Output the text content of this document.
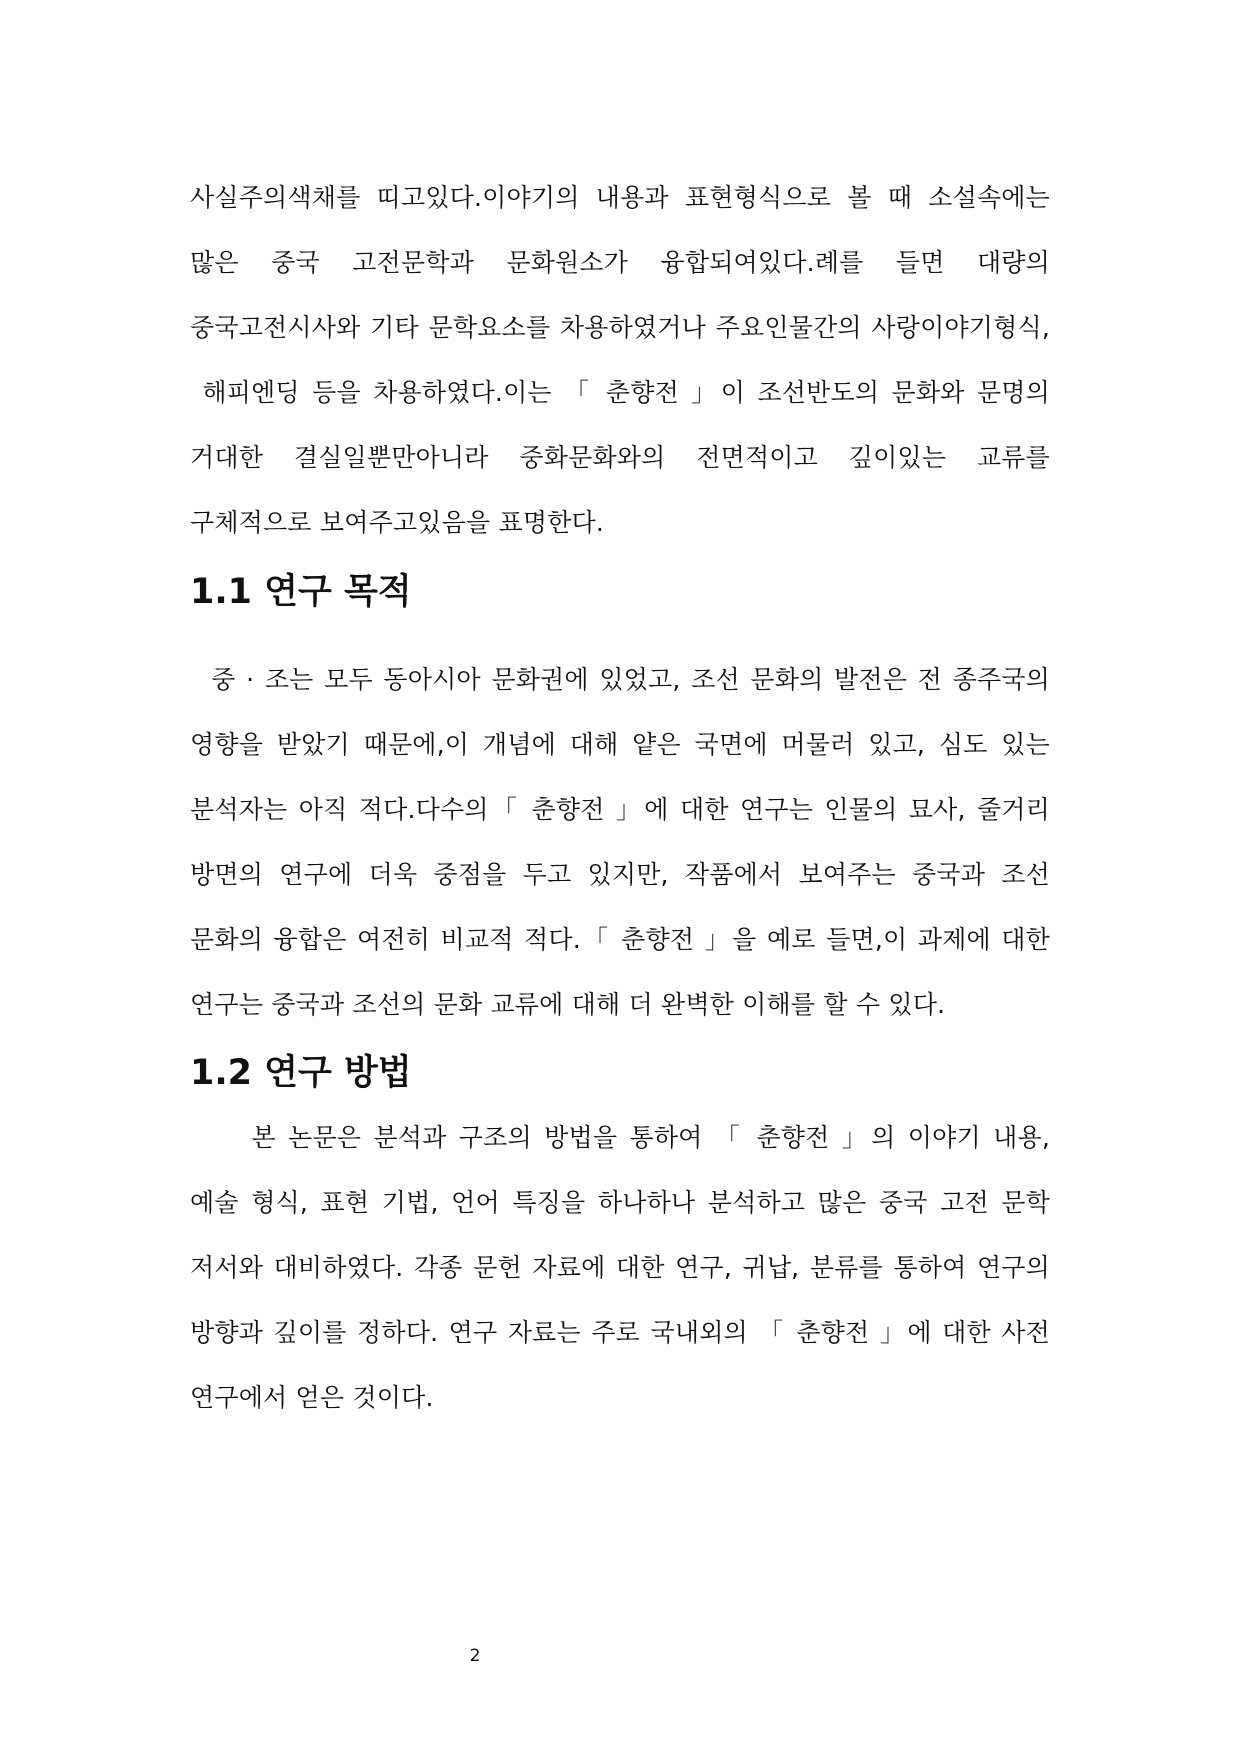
사실주의색채를 띠고있다.이야기의 내용과 표현형식으로 볼 때 소설속에는
많은 중국 고전문학과 문화원소가 융합되여있다.례를 들면 대량의
중국고전시사와 기타 문학요소를 차용하였거나 주요인물간의 사랑이야기형식,
해피엔딩 등을 차용하였다.이는 「 춘향전 」이 조선반도의 문화와 문명의
거대한 결실일뿐만아니라 중화문화와의 전면적이고 깊이있는 교류를
구체적으로 보여주고있음을 표명한다.
1.1 연구 목적
중 · 조는 모두 동아시아 문화권에 있었고, 조선 문화의 발전은 전 종주국의
영향을 받았기 때문에,이 개념에 대해 얕은 국면에 머물러 있고, 심도 있는
분석자는 아직 적다.다수의「 춘향전 」에 대한 연구는 인물의 묘사, 줄거리
방면의 연구에 더욱 중점을 두고 있지만, 작품에서 보여주는 중국과 조선
문화의 융합은 여전히 비교적 적다.「 춘향전 」을 예로 들면,이 과제에 대한
연구는 중국과 조선의 문화 교류에 대해 더 완벽한 이해를 할 수 있다.
1.2 연구 방법
본 논문은 분석과 구조의 방법을 통하여 「 춘향전 」의 이야기 내용,
예술 형식, 표현 기법, 언어 특징을 하나하나 분석하고 많은 중국 고전 문학
저서와 대비하였다. 각종 문헌 자료에 대한 연구, 귀납, 분류를 통하여 연구의
방향과 깊이를 정하다. 연구 자료는 주로 국내외의 「 춘향전 」에 대한 사전
연구에서 얻은 것이다.
2
